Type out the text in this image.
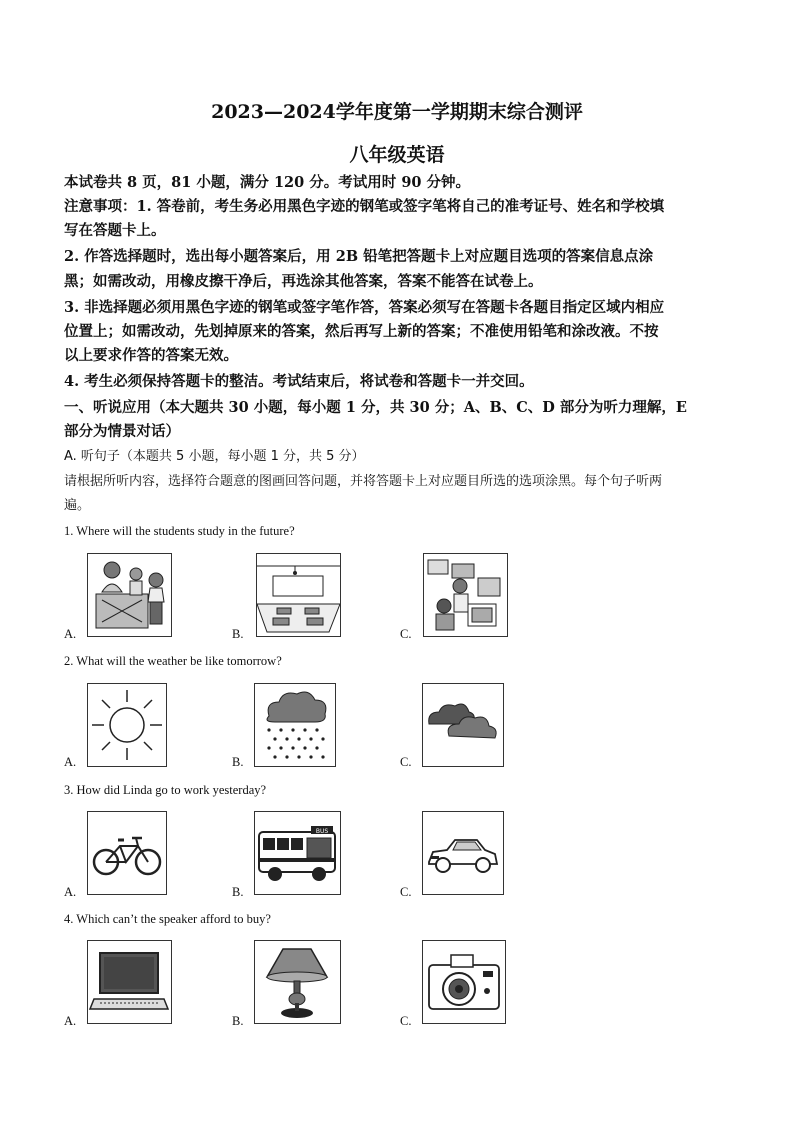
2023—2024学年度第一学期期末综合测评
八年级英语
本试卷共 8 页，81 小题，满分 120 分。考试用时 90 分钟。
注意事项：1. 答卷前，考生务必用黑色字迹的钢笔或签字笔将自己的准考证号、姓名和学校填
写在答题卡上。
2. 作答选择题时，选出每小题答案后，用 2B 铅笔把答题卡上对应题目选项的答案信息点涂
黑；如需改动，用橡皮擦干净后，再选涂其他答案，答案不能答在试卷上。
3. 非选择题必须用黑色字迹的钢笔或签字笔作答，答案必须写在答题卡各题目指定区域内相应
位置上；如需改动，先划掉原来的答案，然后再写上新的答案；不准使用铅笔和涂改液。不按
以上要求作答的答案无效。
4. 考生必须保持答题卡的整洁。考试结束后，将试卷和答题卡一并交回。
一、听说应用（本大题共 30 小题，每小题 1 分，共 30 分；A、B、C、D 部分为听力理解，E
部分为情景对话）
A. 听句子（本题共 5 小题，每小题 1 分，共 5 分）
请根据所听内容，选择符合题意的图画回答问题，并将答题卡上对应题目所选的选项涂黑。每个句子听两
遍。
1. Where will the students study in the future?
A.	B.	C.
2. What will the weather be like tomorrow?
A.	B.	C.
3. How did Linda go to work yesterday?
A.	B.
BUS
C.
4. Which can’t the speaker afford to buy?
A.	B.	C.
